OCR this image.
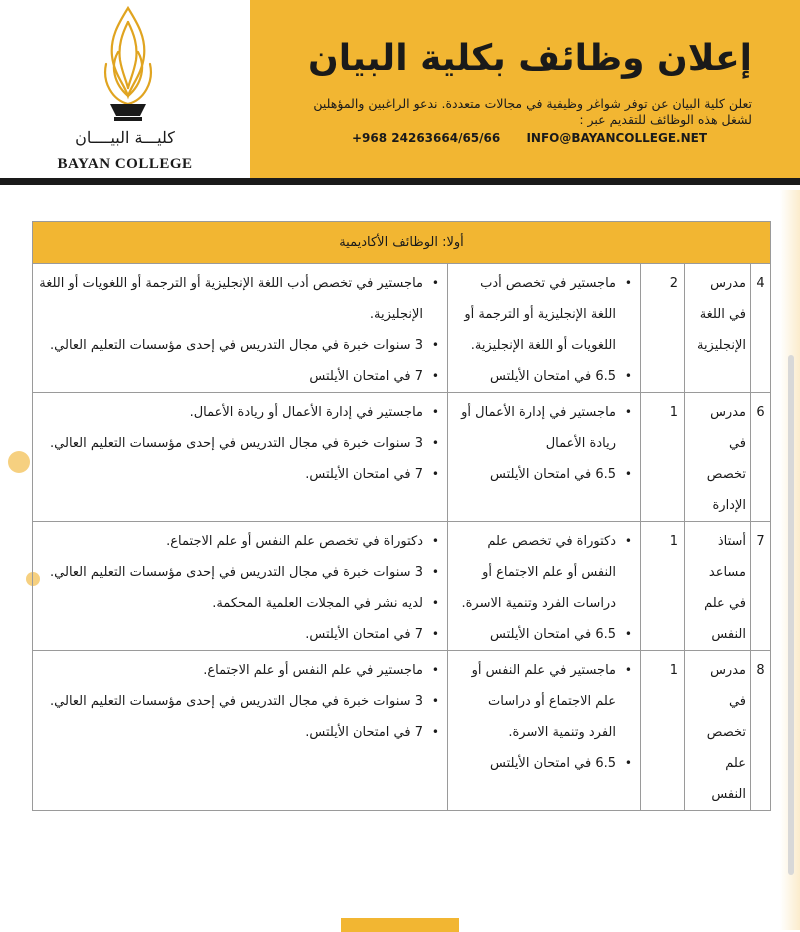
كليـــة البيــــان
BAYAN COLLEGE
إعلان وظائف بكلية البيان
تعلن كلية البيان عن توفر شواغر وظيفية في مجالات متعددة. ندعو الراغبين والمؤهلين لشغل هذه الوظائف للتقديم عبر :
+968 24263664/65/66 INFO@BAYANCOLLEGE.NET
أولا: الوظائف الأكاديمية
4
مدرس في اللغة الإنجليزية
2
• ماجستير في تخصص أدب اللغة الإنجليزية أو الترجمة أو اللغويات أو اللغة الإنجليزية.
• 6.5 في امتحان الأيلتس
• ماجستير في تخصص أدب اللغة الإنجليزية أو الترجمة أو اللغويات أو اللغة الإنجليزية.
• 3 سنوات خبرة في مجال التدريس في إحدى مؤسسات التعليم العالي.
• 7 في امتحان الأيلتس
6
مدرس في تخصص الإدارة
1
• ماجستير في إدارة الأعمال أو ريادة الأعمال
• 6.5 في امتحان الأيلتس
• ماجستير في إدارة الأعمال أو ريادة الأعمال.
• 3 سنوات خبرة في مجال التدريس في إحدى مؤسسات التعليم العالي.
• 7 في امتحان الأيلتس.
7
أستاذ مساعد في علم النفس
1
• دكتوراة في تخصص علم النفس أو علم الاجتماع أو دراسات الفرد وتنمية الاسرة.
• 6.5 في امتحان الأيلتس
• دكتوراة في تخصص علم النفس أو علم الاجتماع.
• 3 سنوات خبرة في مجال التدريس في إحدى مؤسسات التعليم العالي.
• لديه نشر في المجلات العلمية المحكمة.
• 7 في امتحان الأيلتس.
8
مدرس في تخصص علم النفس
1
• ماجستير في علم النفس أو علم الاجتماع أو دراسات الفرد وتنمية الاسرة.
• 6.5 في امتحان الأيلتس
• ماجستير في علم النفس أو علم الاجتماع.
• 3 سنوات خبرة في مجال التدريس في إحدى مؤسسات التعليم العالي.
• 7 في امتحان الأيلتس.
